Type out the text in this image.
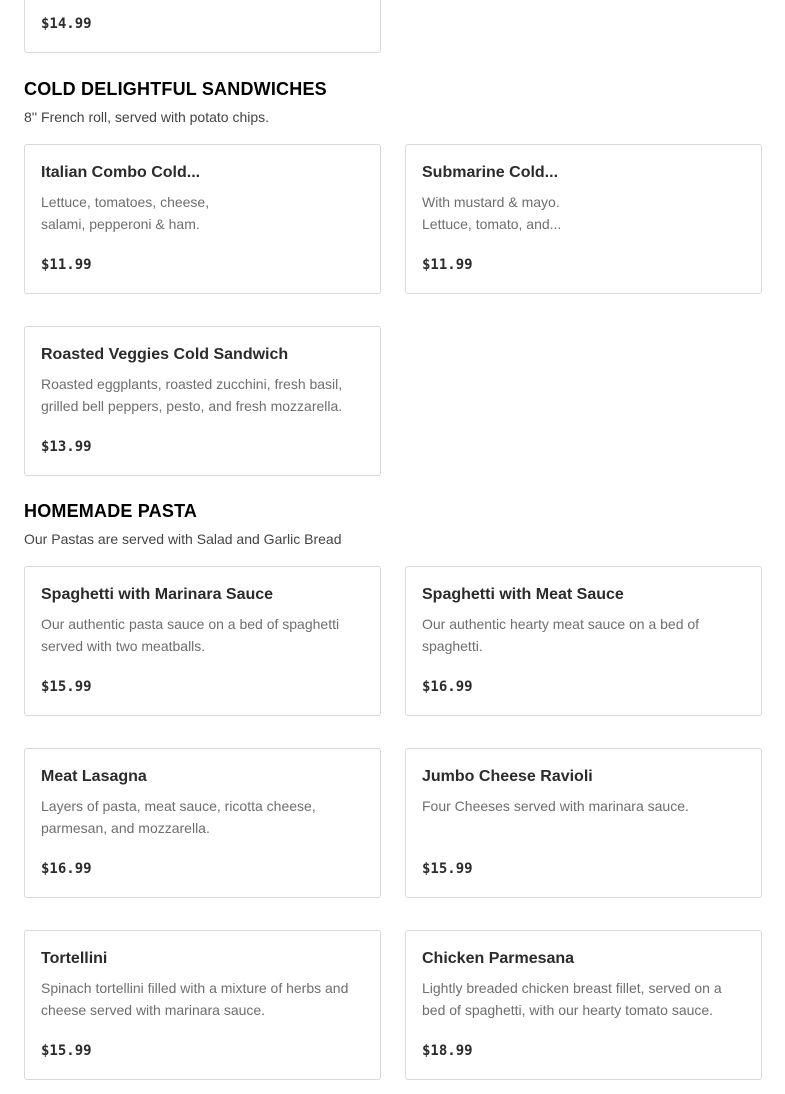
$14.99
COLD DELIGHTFUL SANDWICHES
8'' French roll, served with potato chips.
Italian Combo Cold...
Lettuce, tomatoes, cheese,
salami, pepperoni & ham.
$11.99
Submarine Cold...
With mustard & mayo.
Lettuce, tomato, and...
$11.99
Roasted Veggies Cold Sandwich
Roasted eggplants, roasted zucchini, fresh basil, grilled bell peppers, pesto, and fresh mozzarella.
$13.99
HOMEMADE PASTA
Our Pastas are served with Salad and Garlic Bread
Spaghetti with Marinara Sauce
Our authentic pasta sauce on a bed of spaghetti served with two meatballs.
$15.99
Spaghetti with Meat Sauce
Our authentic hearty meat sauce on a bed of spaghetti.
$16.99
Meat Lasagna
Layers of pasta, meat sauce, ricotta cheese, parmesan, and mozzarella.
$16.99
Jumbo Cheese Ravioli
Four Cheeses served with marinara sauce.
$15.99
Tortellini
Spinach tortellini filled with a mixture of herbs and cheese served with marinara sauce.
$15.99
Chicken Parmesana
Lightly breaded chicken breast fillet, served on a bed of spaghetti, with our hearty tomato sauce.
$18.99
